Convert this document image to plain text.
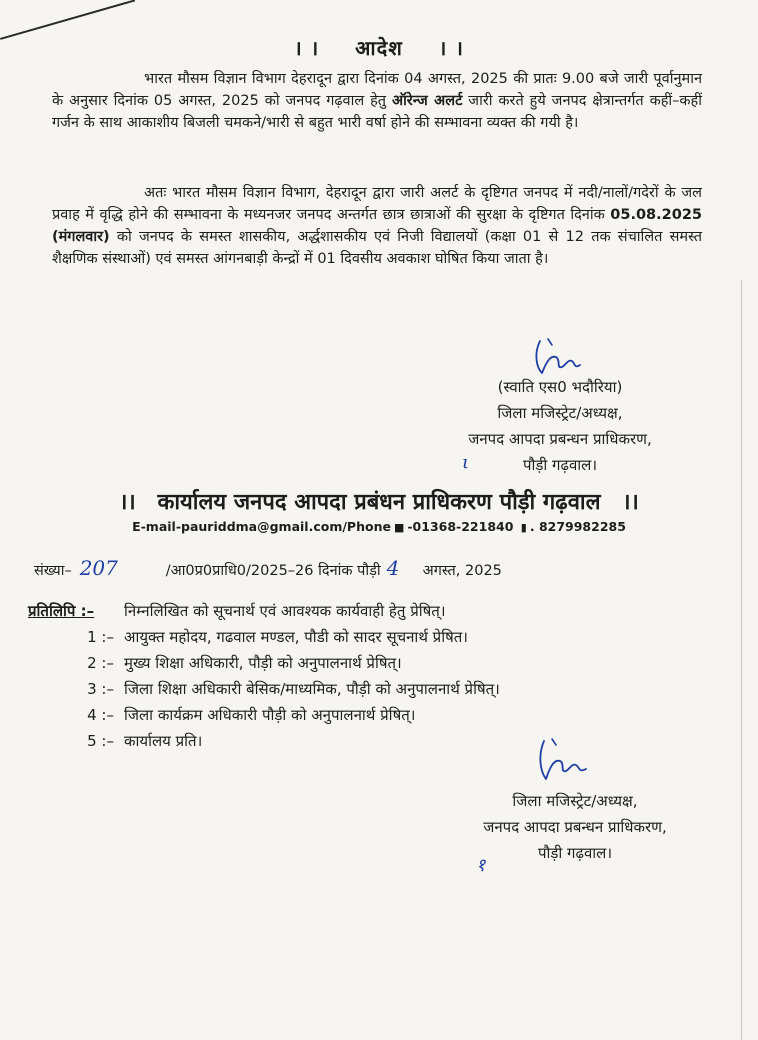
। । आदेश । ।
भारत मौसम विज्ञान विभाग देहरादून द्वारा दिनांक 04 अगस्त, 2025 की प्रातः 9.00 बजे जारी पूर्वानुमान के अनुसार दिनांक 05 अगस्त, 2025 को जनपद गढ़वाल हेतु ऑरेन्ज अलर्ट जारी करते हुये जनपद क्षेत्रान्तर्गत कहीं–कहीं गर्जन के साथ आकाशीय बिजली चमकने/भारी से बहुत भारी वर्षा होने की सम्भावना व्यक्त की गयी है।
अतः भारत मौसम विज्ञान विभाग, देहरादून द्वारा जारी अलर्ट के दृष्टिगत जनपद में नदी/नालों/गदेरों के जल प्रवाह में वृद्धि होने की सम्भावना के मध्यनजर जनपद अन्तर्गत छात्र छात्राओं की सुरक्षा के दृष्टिगत दिनांक 05.08.2025 (मंगलवार) को जनपद के समस्त शासकीय, अर्द्धशासकीय एवं निजी विद्यालयों (कक्षा 01 से 12 तक संचालित समस्त शैक्षणिक संस्थाओं) एवं समस्त आंगनबाड़ी केन्द्रों में 01 दिवसीय अवकाश घोषित किया जाता है।
(स्वाति एस0 भदौरिया)
जिला मजिस्ट्रेट/अध्यक्ष,
जनपद आपदा प्रबन्धन प्राधिकरण,
पौड़ी गढ़वाल।
ι
।। कार्यालय जनपद आपदा प्रबंधन प्राधिकरण पौड़ी गढ़वाल ।।
E-mail-pauriddma@gmail.com/Phone ■ -01368-221840 ▮ . 8279982285
संख्या– 207	/आ0प्र0प्राधि0/2025–26 दिनांक पौड़ी 4 अगस्त, 2025
प्रतिलिपि :– निम्नलिखित को सूचनार्थ एवं आवश्यक कार्यवाही हेतु प्रेषित्।
1 :– आयुक्त महोदय, गढवाल मण्डल, पौडी को सादर सूचनार्थ प्रेषित।
2 :– मुख्य शिक्षा अधिकारी, पौड़ी को अनुपालनार्थ प्रेषित्।
3 :– जिला शिक्षा अधिकारी बेसिक/माध्यमिक, पौड़ी को अनुपालनार्थ प्रेषित्।
4 :– जिला कार्यक्रम अधिकारी पौड़ी को अनुपालनार्थ प्रेषित्।
5 :– कार्यालय प्रति।
जिला मजिस्ट्रेट/अध्यक्ष,
जनपद आपदा प्रबन्धन प्राधिकरण,
पौड़ी गढ़वाल।
१
